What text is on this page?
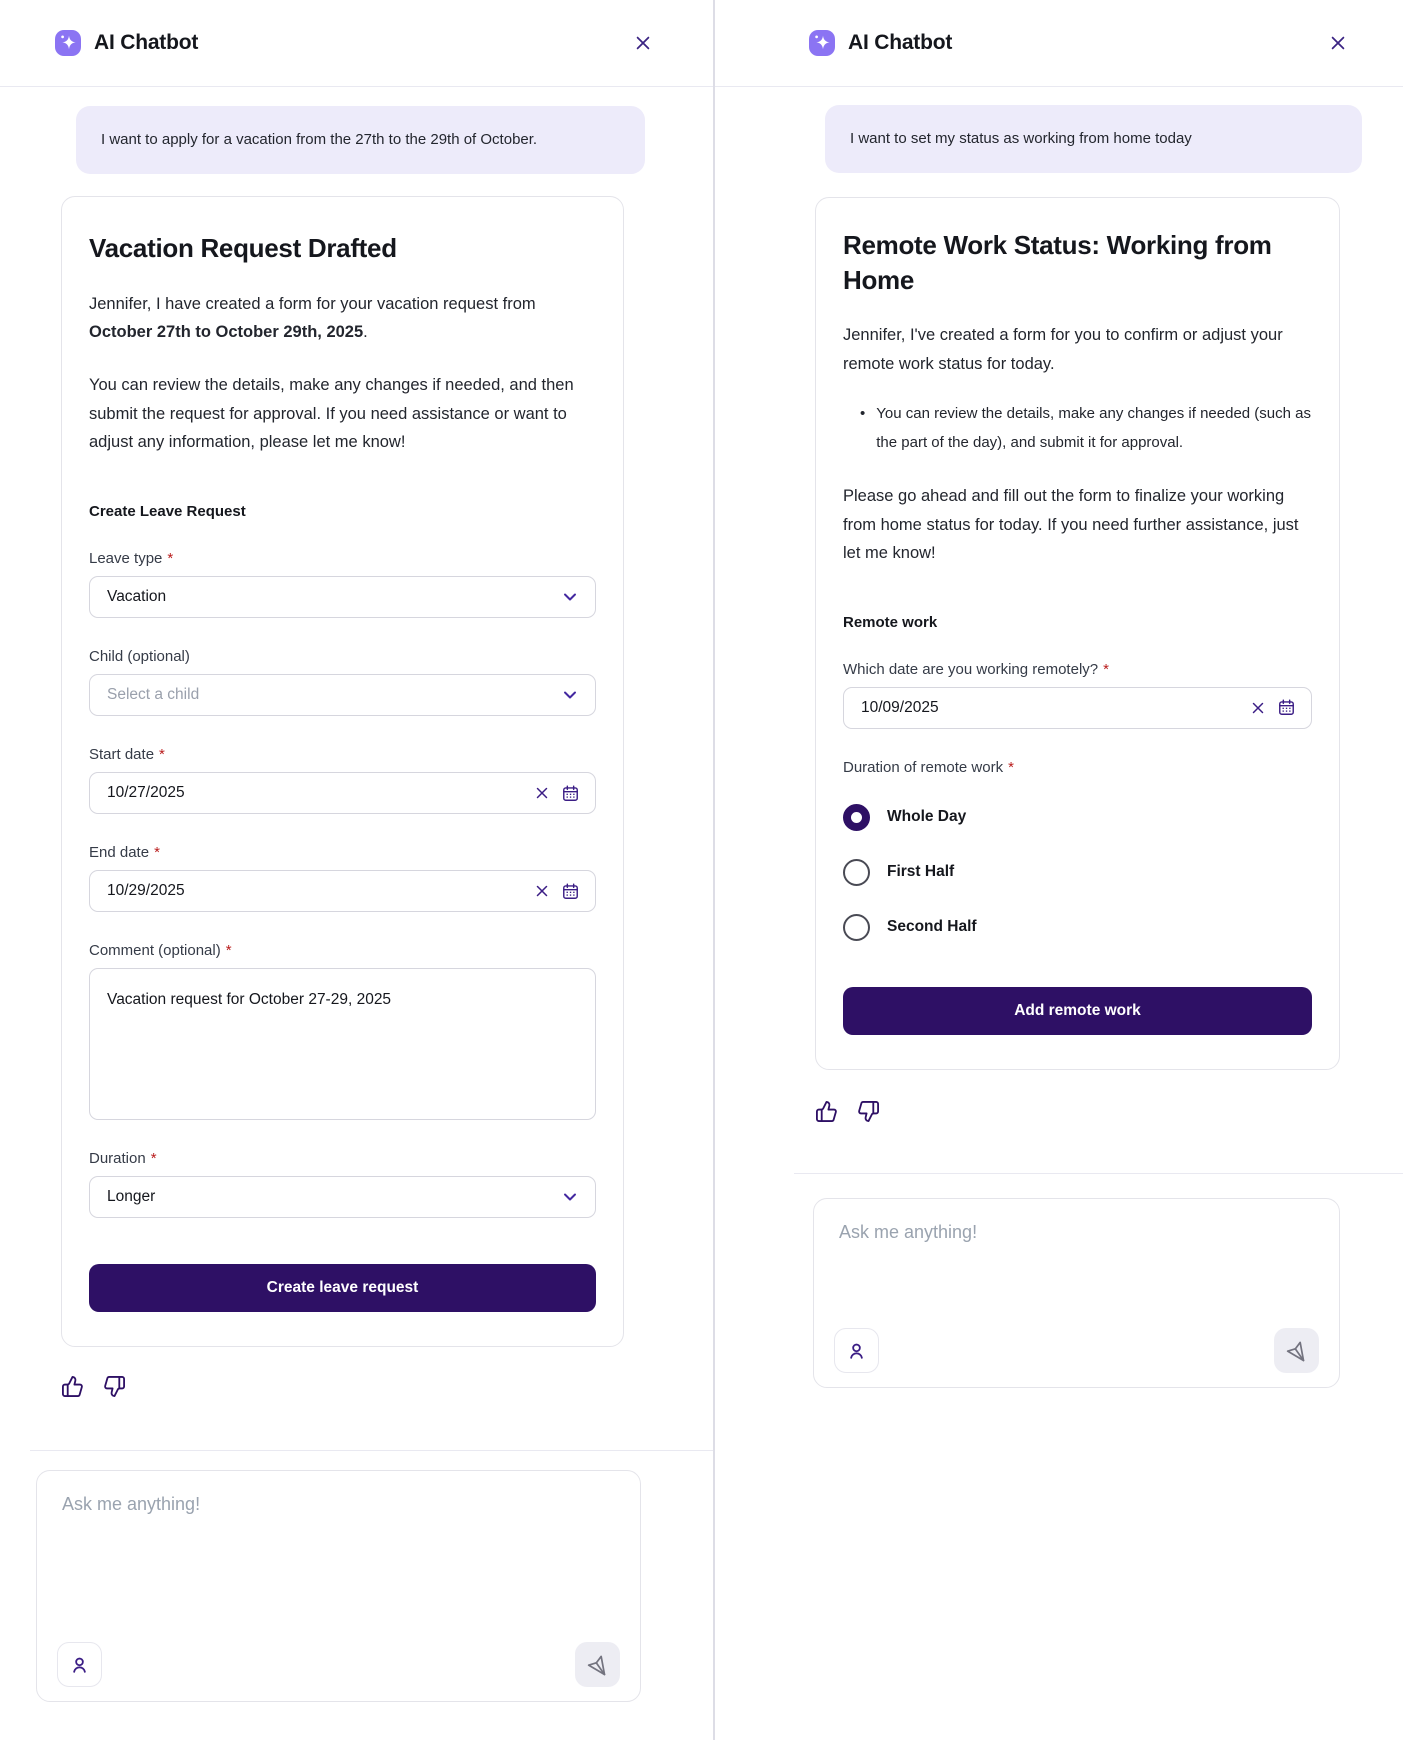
AI Chatbot
I want to apply for a vacation from the 27th to the 29th of October.
Vacation Request Drafted
Jennifer, I have created a form for your vacation request from October 27th to October 29th, 2025.
You can review the details, make any changes if needed, and then submit the request for approval. If you need assistance or want to adjust any information, please let me know!
Create Leave Request
Leave type *
Vacation
Child (optional)
Select a child
Start date *
10/27/2025
End date *
10/29/2025
Comment (optional) *
Vacation request for October 27-29, 2025
Duration *
Longer
Create leave request
Ask me anything!
AI Chatbot
I want to set my status as working from home today
Remote Work Status: Working from Home
Jennifer, I've created a form for you to confirm or adjust your remote work status for today.
• You can review the details, make any changes if needed (such as the part of the day), and submit it for approval.
Please go ahead and fill out the form to finalize your working from home status for today. If you need further assistance, just let me know!
Remote work
Which date are you working remotely? *
10/09/2025
Duration of remote work *
Whole Day
First Half
Second Half
Add remote work
Ask me anything!
